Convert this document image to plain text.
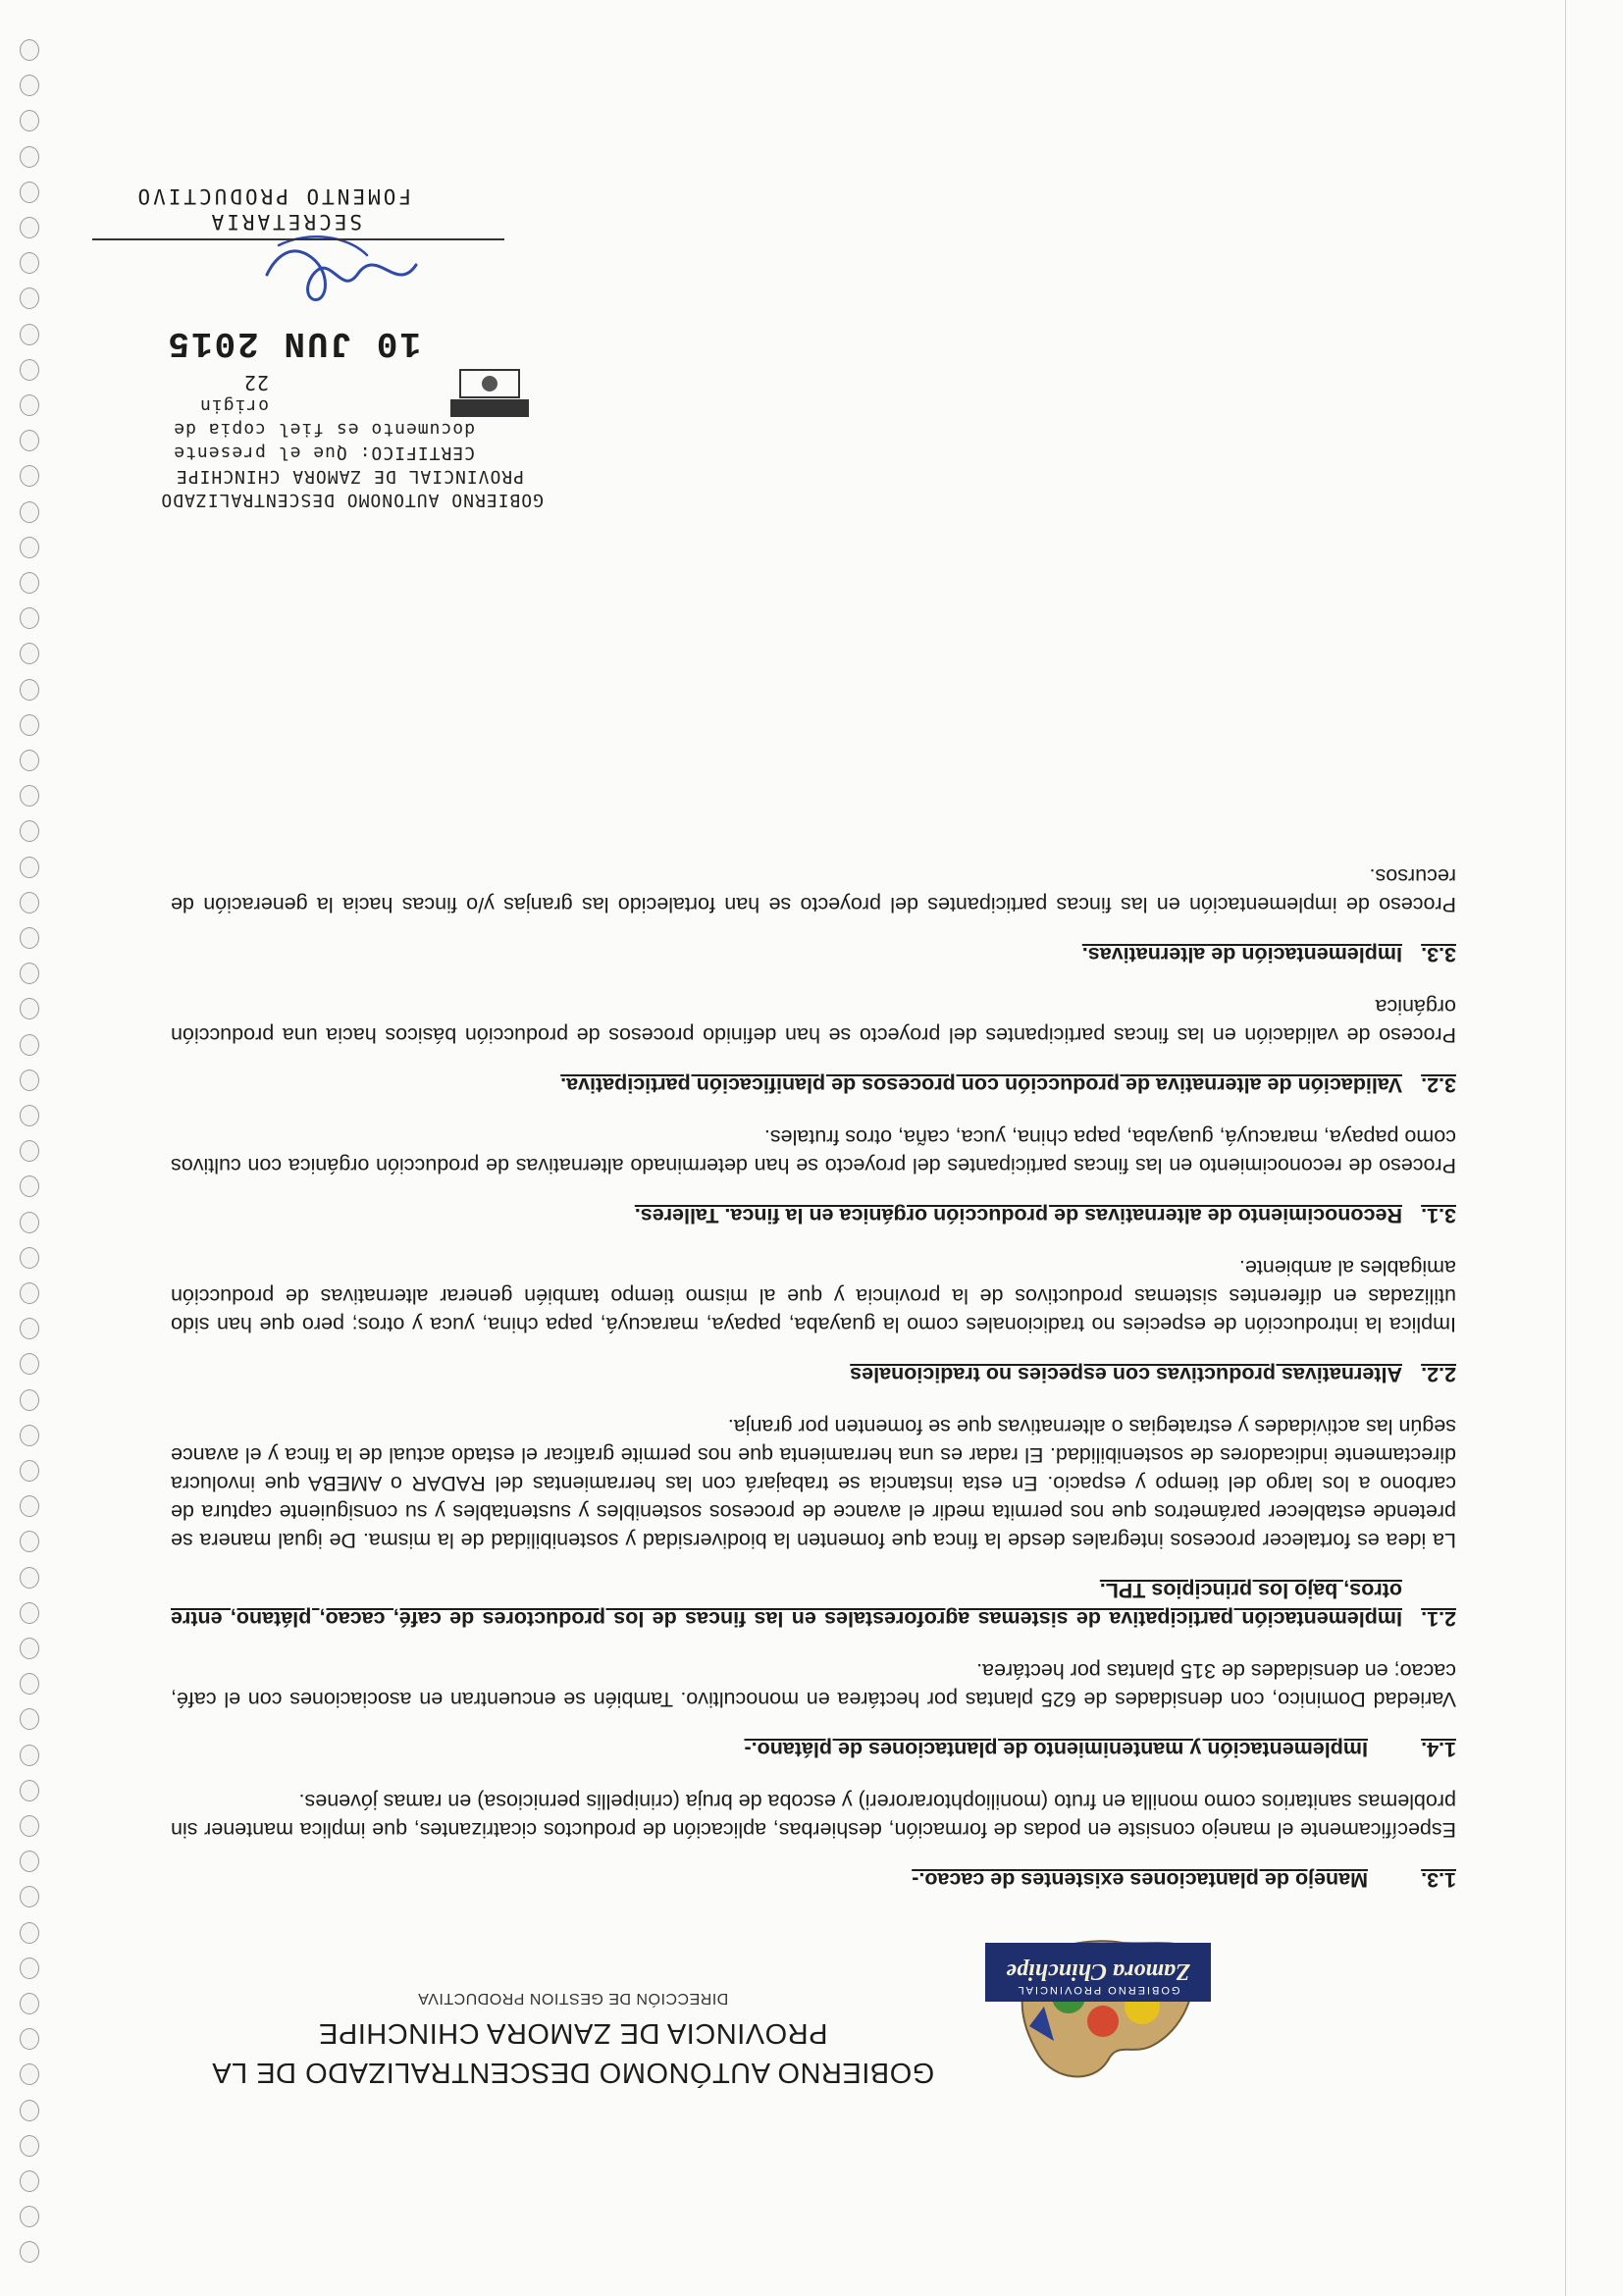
GOBIERNO PROVINCIAL
Zamora Chinchipe
GOBIERNO AUTÓNOMO DESCENTRALIZADO DE LA
PROVINCIA DE ZAMORA CHINCHIPE
DIRECCIÓN DE GESTION PRODUCTIVA
1.3.
Manejo de plantaciones existentes de cacao.-

Específicamente el manejo consiste en podas de formación, deshierbas, aplicación de productos cicatrizantes, que implica mantener sin problemas sanitarios como monilla en fruto (moniliophtoraroreri) y escoba de bruja (crinipellis perniciosa) en ramas jóvenes.

1.4.
Implementación y mantenimiento de plantaciones de plátano.-

Variedad Dominico, con densidades de 625 plantas por hectárea en monocultivo. También se encuentran en asociaciones con el café, cacao; en densidades de 315 plantas por hectárea.

2.1.
Implementación participativa de sistemas agroforestales en las fincas de los productores de café, cacao, plátano, entre otros, bajo los principios TPL.

La idea es fortalecer procesos integrales desde la finca que fomenten la biodiversidad y sostenibilidad de la misma. De igual manera se pretende establecer parámetros que nos permita medir el avance de procesos sostenibles y sustentables y su consiguiente captura de carbono a los largo del tiempo y espacio. En esta instancia se trabajará con las herramientas del RADAR o AMEBA que involucra directamente indicadores de sostenibilidad. El radar es una herramienta que nos permite graficar el estado actual de la finca y el avance según las actividades y estrategias o alternativas que se fomenten por granja.

2.2.
Alternativas productivas con especies no tradicionales

Implica la introducción de especies no tradicionales como la guayaba, papaya, maracuyá, papa china, yuca y otros; pero que han sido utilizadas en diferentes sistemas productivos de la provincia y que al mismo tiempo también generar alternativas de producción amigables al ambiente.

3.1.
Reconocimiento de alternativas de producción orgánica en la finca. Talleres.

Proceso de reconocimiento en las fincas participantes del proyecto se han determinado alternativas de producción orgánica con cultivos como papaya, maracuyá, guayaba, papa china, yuca, caña, otros frutales.

3.2.
Validación de alternativa de producción con procesos de planificación participativa.

Proceso de validación en las fincas participantes del proyecto se han definido procesos de producción básicos hacia una producción orgánica

3.3.
Implementación de alternativas.

Proceso de implementación en las fincas participantes del proyecto se han fortalecido las granjas y/o fincas hacia la generación de recursos.

GOBIERNO AUTONOMO DESCENTRALIZADO
PROVINCIAL DE ZAMORA CHINCHIPE
CERTIFICO: Que el presente
documento es fiel copia de
origin
22
10 JUN 2015
SECRETARIA
FOMENTO PRODUCTIVO
